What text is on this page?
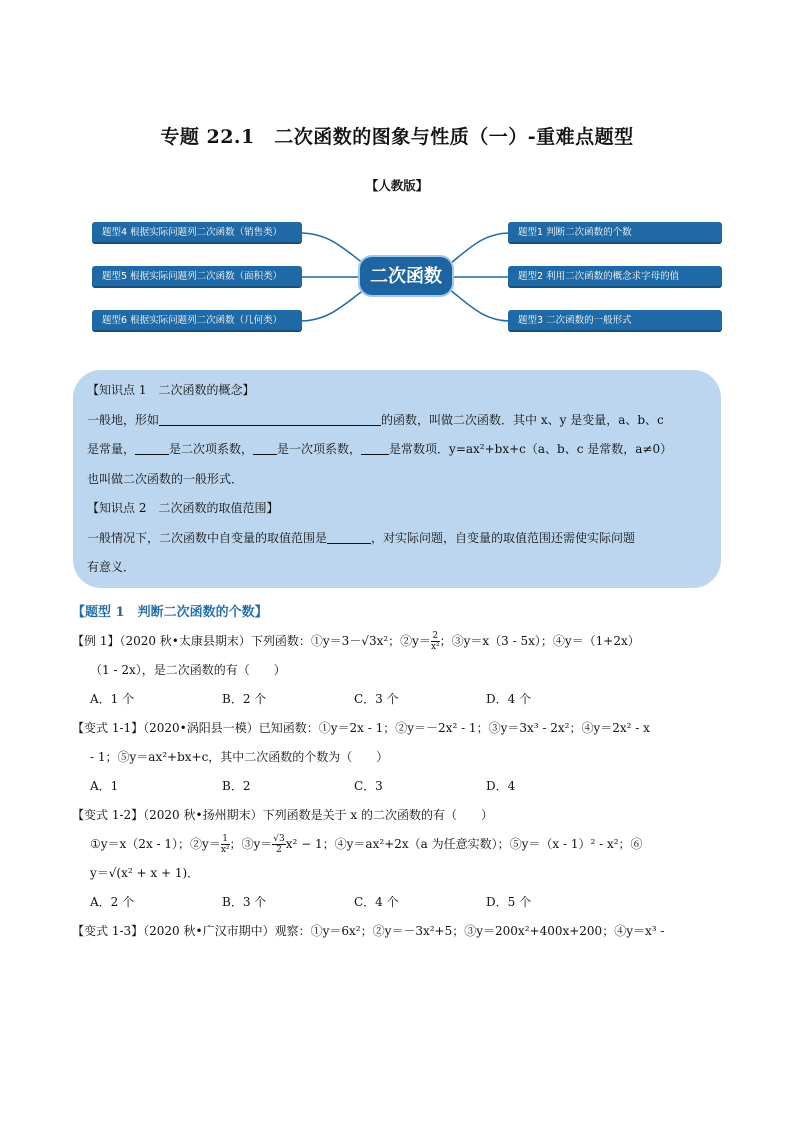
专题 22.1　二次函数的图象与性质（一）-重难点题型
【人教版】
题型4 根据实际问题列二次函数（销售类）
题型5 根据实际问题列二次函数（面积类）
题型6 根据实际问题列二次函数（几何类）
二次函数
题型1 判断二次函数的个数
题型2 利用二次函数的概念求字母的值
题型3 二次函数的一般形式

【知识点 1　二次函数的概念】

一般地，形如	的函数，叫做二次函数．其中 x、y 是变量，a、b、c

是常量，	是二次项系数， 是一次项系数， 是常数项．y=ax²+bx+c（a、b、c 是常数，a≠0）

也叫做二次函数的一般形式．

【知识点 2　二次函数的取值范围】

一般情况下，二次函数中自变量的取值范围是	，对实际问题，自变量的取值范围还需使实际问题

有意义．

【题型 1　判断二次函数的个数】

【例 1】（2020 秋•太康县期末）下列函数：①y＝3－√3x²；②y＝ $\frac{2}{\text{x²}}$ ；③y＝x（3 - 5x）；④y＝（1+2x）

（1 - 2x），是二次函数的有（　　）

A．1 个	B．2 个	C．3 个	D．4 个

【变式 1-1】（2020•涡阳县一模）已知函数：①y＝2x - 1；②y＝－2x² - 1；③y＝3x³ - 2x²；④y＝2x² - x

- 1；⑤y＝ax²+bx+c，其中二次函数的个数为（　　）

A．1	B．2	C．3	D．4

【变式 1-2】（2020 秋•扬州期末）下列函数是关于 x 的二次函数的有（　　）

①y＝x（2x - 1）；②y＝ $\frac{1}{\text{x²}}$ ；③y＝ $\frac{√3}{2} x^2 - 1$；④y＝ax²+2x（a 为任意实数）；⑤y＝（x - 1）² - x²；⑥

y＝√(x² + x + 1)．

A．2 个	B．3 个	C．4 个	D．5 个

【变式 1-3】（2020 秋•广汉市期中）观察：①y＝6x²；②y＝－3x²+5；③y＝200x²+400x+200；④y＝x³ -
